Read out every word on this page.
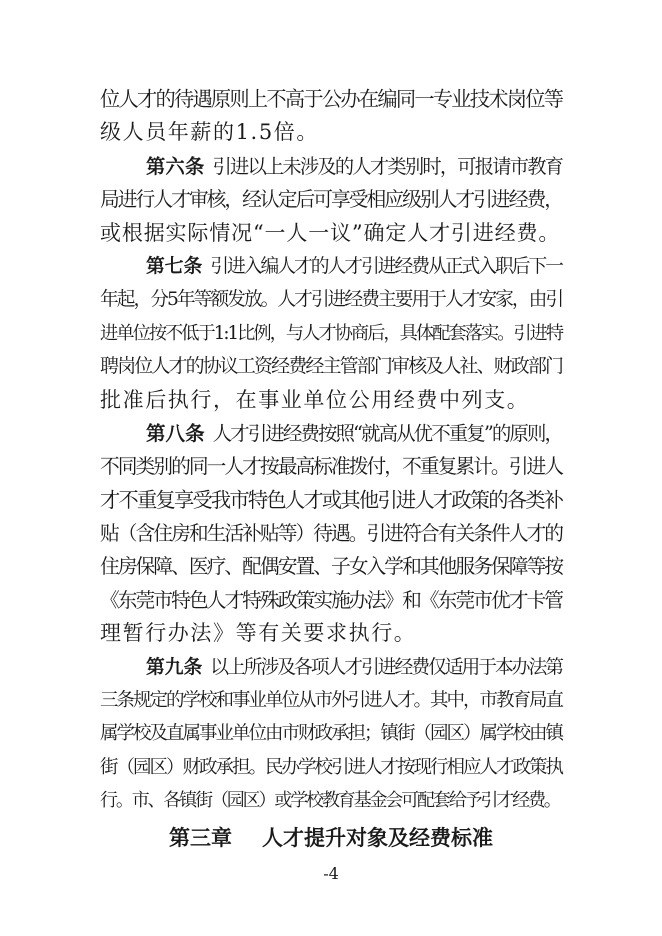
位人才的待遇原则上不高于公办在编同一专业技术岗位等
级人员年薪的1.5倍。
第六条 引进以上未涉及的人才类别时，可报请市教育
局进行人才审核，经认定后可享受相应级别人才引进经费，
或根据实际情况“一人一议”确定人才引进经费。
第七条 引进入编人才的人才引进经费从正式入职后下一
年起，分5年等额发放。人才引进经费主要用于人才安家，由引
进单位按不低于1:1比例，与人才协商后，具体配套落实。引进特
聘岗位人才的协议工资经费经主管部门审核及人社、财政部门
批准后执行，在事业单位公用经费中列支。
第八条 人才引进经费按照“就高从优不重复”的原则，
不同类别的同一人才按最高标准拨付，不重复累计。引进人
才不重复享受我市特色人才或其他引进人才政策的各类补
贴（含住房和生活补贴等）待遇。引进符合有关条件人才的
住房保障、医疗、配偶安置、子女入学和其他服务保障等按
《东莞市特色人才特殊政策实施办法》和《东莞市优才卡管
理暂行办法》等有关要求执行。
第九条 以上所涉及各项人才引进经费仅适用于本办法第
三条规定的学校和事业单位从市外引进人才。其中，市教育局直
属学校及直属事业单位由市财政承担；镇街（园区）属学校由镇
街（园区）财政承担。民办学校引进人才按现行相应人才政策执
行。市、各镇街（园区）或学校教育基金会可配套给予引才经费。
第三章 人才提升对象及经费标准
-4
